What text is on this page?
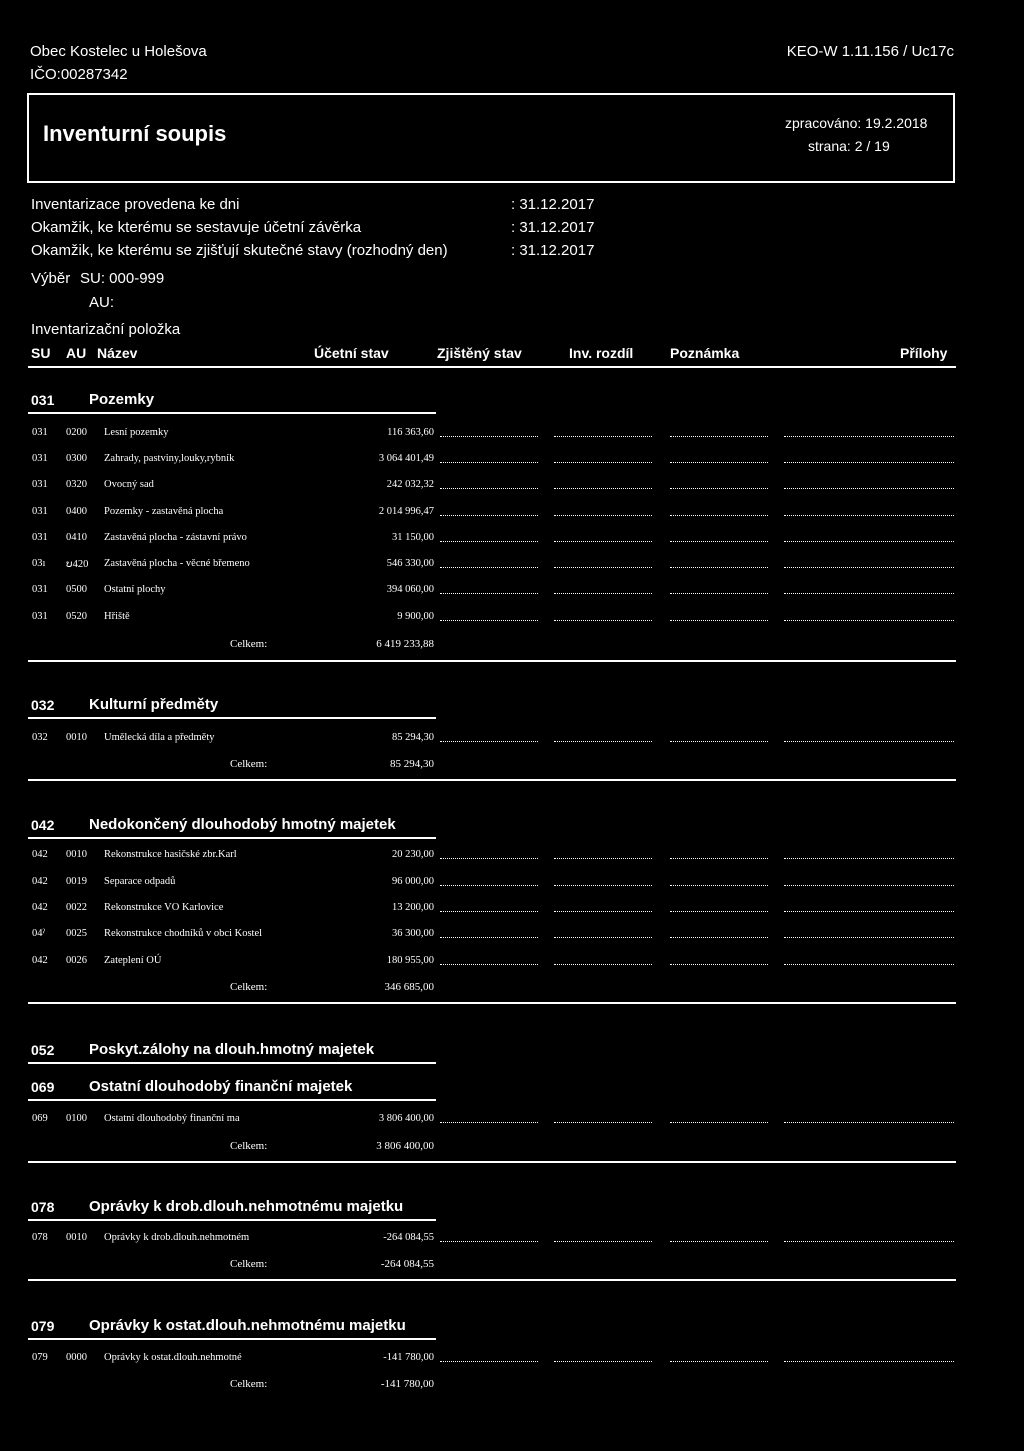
Obec Kostelec u Holešova
IČO:00287342
KEO-W 1.11.156 / Uc17c
Inventurní soupis	zpracováno: 19.2.2018
strana: 2 / 19
Inventarizace provedena ke dni	: 31.12.2017
Okamžik, ke kterému se sestavuje účetní závěrka	: 31.12.2017
Okamžik, ke kterému se zjišťují skutečné stavy (rozhodný den)	: 31.12.2017
Výběr SU: 000-999
AU:
Inventarizační položka
SU AU Název	Účetní stav	Zjištěný stav	Inv. rozdíl	Poznámka	Přílohy
031 Pozemky
031 0200 Lesní pozemky	116 363,60
031 0300 Zahrady, pastviny,louky,rybník	3 064 401,49
031 0320 Ovocný sad	242 032,32
031 0400 Pozemky - zastavěná plocha	2 014 996,47
031 0410 Zastavěná plocha - zástavní právo	31 150,00
03ı ບ420 Zastavěná plocha - věcné břemeno	546 330,00
031 0500 Ostatní plochy	394 060,00
031 0520 Hřiště	9 900,00
Celkem:	6 419 233,88
032 Kulturní předměty
032 0010 Umělecká díla a předměty	85 294,30
Celkem:	85 294,30
042 Nedokončený dlouhodobý hmotný majetek
042 0010 Rekonstrukce hasičské zbr.Karl	20 230,00
042 0019 Separace odpadů	96 000,00
042 0022 Rekonstrukce VO Karlovice	13 200,00
04ˀ 0025 Rekonstrukce chodníků v obci Kostel	36 300,00
042 0026 Zateplení OÚ	180 955,00
Celkem:	346 685,00
052 Poskyt.zálohy na dlouh.hmotný majetek
069 Ostatní dlouhodobý finanční majetek
069 0100 Ostatní dlouhodobý finanční ma	3 806 400,00
Celkem:	3 806 400,00
078 Oprávky k drob.dlouh.nehmotnému majetku
078 0010 Oprávky k drob.dlouh.nehmotném	-264 084,55
Celkem:	-264 084,55
079 Oprávky k ostat.dlouh.nehmotnému majetku
079 0000 Oprávky k ostat.dlouh.nehmotné	-141 780,00
Celkem:	-141 780,00
